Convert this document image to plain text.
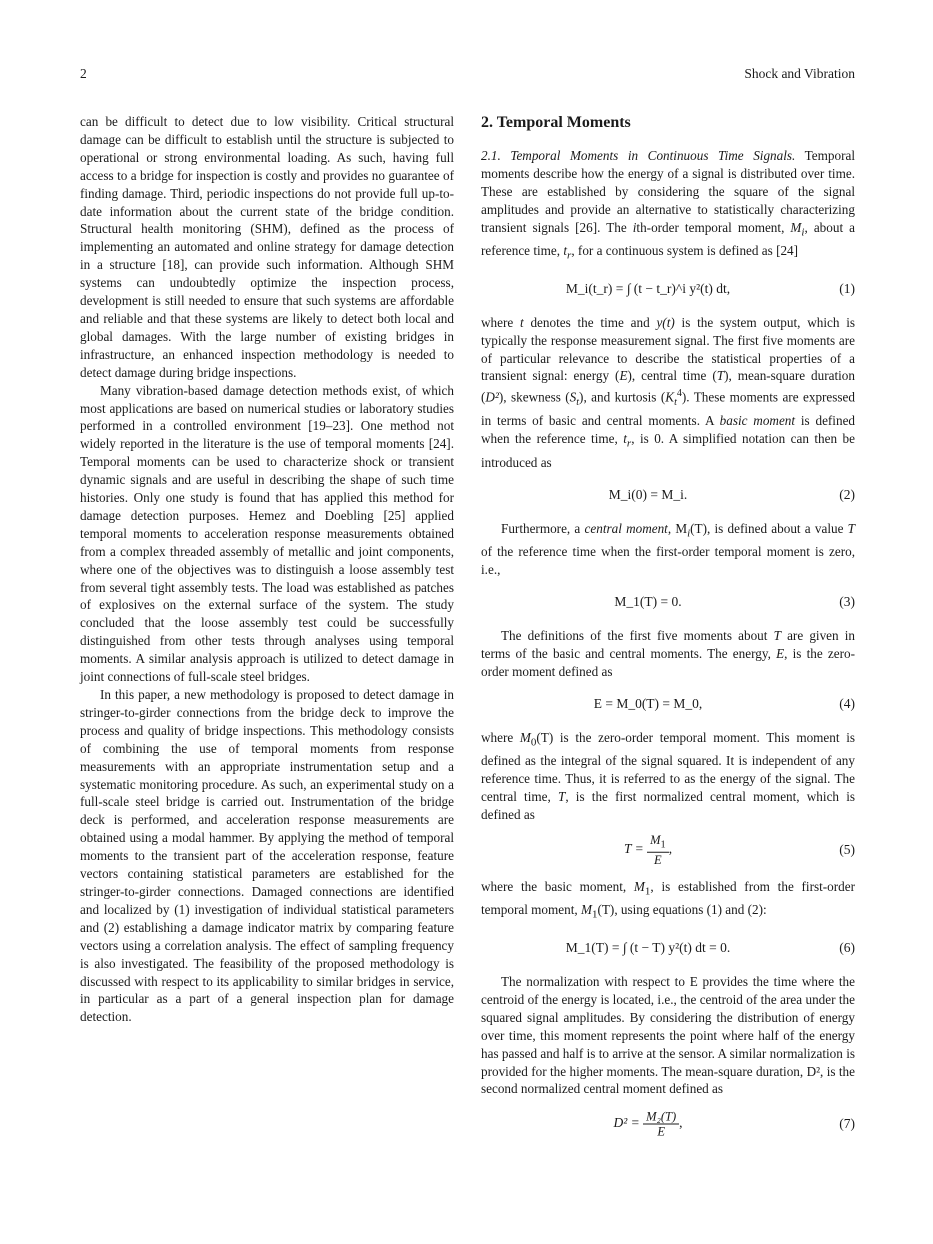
2	Shock and Vibration

can be difficult to detect due to low visibility. Critical structural damage can be difficult to establish until the structure is subjected to operational or strong environmental loading. As such, having full access to a bridge for inspection is costly and provides no guarantee of finding damage. Third, periodic inspections do not provide full up-to-date information about the current state of the bridge condition. Structural health monitoring (SHM), defined as the process of implementing an automated and online strategy for damage detection in a structure [18], can provide such information. Although SHM systems can undoubtedly optimize the inspection process, development is still needed to ensure that such systems are affordable and reliable and that these systems are likely to detect both local and global damages. With the large number of existing bridges in infrastructure, an enhanced inspection methodology is needed to detect damage during bridge inspections.

Many vibration-based damage detection methods exist, of which most applications are based on numerical studies or laboratory studies performed in a controlled environment [19–23]. One method not widely reported in the literature is the use of temporal moments [24]. Temporal moments can be used to characterize shock or transient dynamic signals and are useful in describing the shape of such time histories. Only one study is found that has applied this method for damage detection purposes. Hemez and Doebling [25] applied temporal moments to acceleration response measurements obtained from a complex threaded assembly of metallic and joint components, where one of the objectives was to distinguish a loose assembly test from several tight assembly tests. The load was established as patches of explosives on the external surface of the system. The study concluded that the loose assembly test could be successfully distinguished from other tests through analyses using temporal moments. A similar analysis approach is utilized to detect damage in joint connections of full-scale steel bridges.

In this paper, a new methodology is proposed to detect damage in stringer-to-girder connections from the bridge deck to improve the process and quality of bridge inspections. This methodology consists of combining the use of temporal moments from response measurements with an appropriate instrumentation setup and a systematic monitoring procedure. As such, an experimental study on a full-scale steel bridge is carried out. Instrumentation of the bridge deck is performed, and acceleration response measurements are obtained using a modal hammer. By applying the method of temporal moments to the transient part of the acceleration response, feature vectors containing statistical parameters are established for the stringer-to-girder connections. Damaged connections are identified and localized by (1) investigation of individual statistical parameters and (2) establishing a damage indicator matrix by comparing feature vectors using a correlation analysis. The effect of sampling frequency is also investigated. The feasibility of the proposed methodology is discussed with respect to its applicability to similar bridges in service, in particular as a part of a general inspection plan for damage detection.

2. Temporal Moments

2.1. Temporal Moments in Continuous Time Signals. Temporal moments describe how the energy of a signal is distributed over time. These are established by considering the square of the signal amplitudes and provide an alternative to statistically characterizing transient signals [26]. The ith-order temporal moment, $M_i$, about a reference time, $t_r$, for a continuous system is defined as [24]

M_i(t_r) = ∫ (t − t_r)^i y²(t) dt,	(1)

where t denotes the time and y(t) is the system output, which is typically the response measurement signal. The first five moments are of particular relevance to describe the statistical properties of a transient signal: energy (E), central time (T), mean-square duration (D²), skewness $(S_t)$, and kurtosis $(K_t^4)$. These moments are expressed in terms of basic and central moments. A basic moment is defined when the reference time, $t_r$, is 0. A simplified notation can then be introduced as

M_i(0) = M_i.	(2)

Furthermore, a central moment, $M_i(T)$, is defined about a value T of the reference time when the first-order temporal moment is zero, i.e.,

M_1(T) = 0.	(3)

The definitions of the first five moments about T are given in terms of the basic and central moments. The energy, E, is the zero-order moment defined as

E = M_0(T) = M_0,	(4)

where $M_0(T)$ is the zero-order temporal moment. This moment is defined as the integral of the signal squared. It is independent of any reference time. Thus, it is referred to as the energy of the signal. The central time, T, is the first normalized central moment, which is defined as

$T = \frac{M_1}{E}$ ,	(5)

where the basic moment, $M_1$, is established from the first-order temporal moment, $M_1(T)$, using equations (1) and (2):

M_1(T) = ∫ (t − T) y²(t) dt = 0.	(6)

The normalization with respect to E provides the time where the centroid of the energy is located, i.e., the centroid of the area under the squared signal amplitudes. By considering the distribution of energy over time, this moment represents the point where half of the energy has passed and half is to arrive at the sensor. A similar normalization is provided for the higher moments. The mean-square duration, D², is the second normalized central moment defined as

$D^2 = \frac{\text{M₂(T)}}{E}$ ,	(7)
